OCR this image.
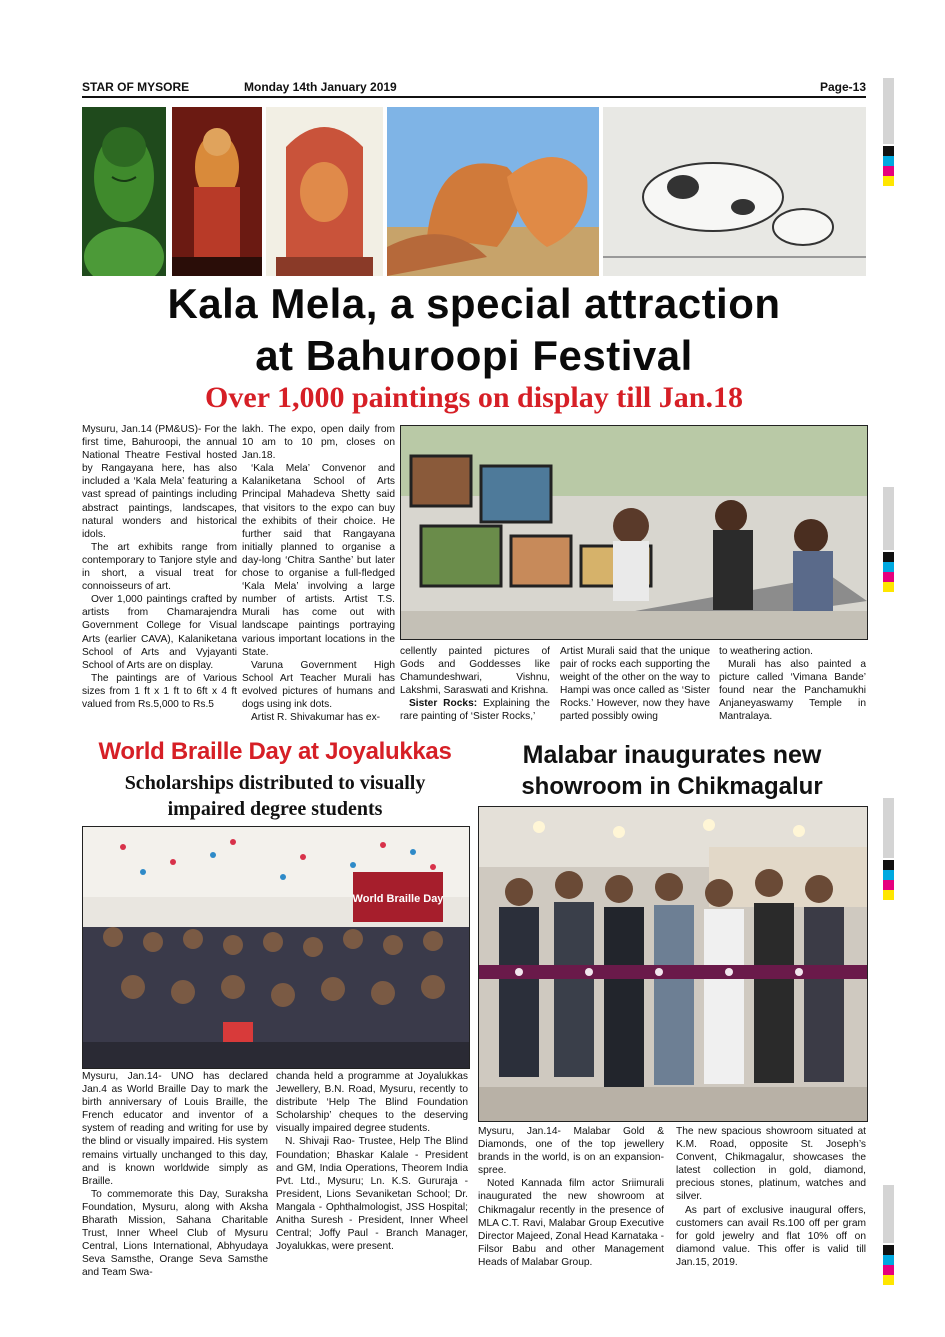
STAR OF MYSORE	Monday 14th January 2019	Page-13
Kala Mela, a special attraction
at Bahuroopi Festival
Over 1,000 paintings on display till Jan.18

Mysuru, Jan.14 (PM&US)- For the first time, Bahuroopi, the annual National Theatre Festival hosted by Rangayana here, has also included a ‘Kala Mela’ featuring a vast spread of paintings including abstract paintings, landscapes, natural wonders and historical idols.

The art exhibits range from contemporary to Tanjore style and in short, a visual treat for connoisseurs of art.

Over 1,000 paintings crafted by artists from Chamarajendra Government College for Visual Arts (earlier CAVA), Kalaniketana School of Arts and Vyjayanti School of Arts are on display.

The paintings are of Various sizes from 1 ft x 1 ft to 6ft x 4 ft valued from Rs.5,000 to Rs.5

lakh. The expo, open daily from 10 am to 10 pm, closes on Jan.18.

‘Kala Mela’ Convenor and Kalaniketana School of Arts Principal Mahadeva Shetty said that visitors to the expo can buy the exhibits of their choice. He further said that Rangayana initially planned to organise a day-long ‘Chitra Santhe’ but later chose to organise a full-fledged ‘Kala Mela’ involving a large number of artists. Artist T.S. Murali has come out with landscape paintings portraying various important locations in the State.

Varuna Government High School Art Teacher Murali has evolved pictures of humans and dogs using ink dots.

Artist R. Shivakumar has ex-

cellently painted pictures of Gods and Goddesses like Chamundeshwari, Vishnu, Lakshmi, Saraswati and Krishna.

Sister Rocks: Explaining the rare painting of ‘Sister Rocks,’

Artist Murali said that the unique pair of rocks each supporting the weight of the other on the way to Hampi was once called as ‘Sister Rocks.’ However, now they have parted possibly owing

to weathering action.

Murali has also painted a picture called ‘Vimana Bande’ found near the Panchamukhi Anjaneyaswamy Temple in Mantralaya.

World Braille Day at Joyalukkas
Scholarships distributed to visually
impaired degree students
World Braille Day

Mysuru, Jan.14- UNO has declared Jan.4 as World Braille Day to mark the birth anniversary of Louis Braille, the French educator and inventor of a system of reading and writing for use by the blind or visually impaired. His system remains virtually unchanged to this day, and is known worldwide simply as Braille.

To commemorate this Day, Suraksha Foundation, Mysuru, along with Aksha Bharath Mission, Sahana Charitable Trust, Inner Wheel Club of Mysuru Central, Lions International, Abhyudaya Seva Samsthe, Orange Seva Samsthe and Team Swa-

chanda held a programme at Joyalukkas Jewellery, B.N. Road, Mysuru, recently to distribute ‘Help The Blind Foundation Scholarship’ cheques to the deserving visually impaired degree students.

N. Shivaji Rao- Trustee, Help The Blind Foundation; Bhaskar Kalale - President and GM, India Operations, Theorem India Pvt. Ltd., Mysuru; Ln. K.S. Gururaja - President, Lions Sevaniketan School; Dr. Mangala - Ophthalmologist, JSS Hospital; Anitha Suresh - President, Inner Wheel Central; Joffy Paul - Branch Manager, Joyalukkas, were present.

Malabar inaugurates new
showroom in Chikmagalur

Mysuru, Jan.14- Malabar Gold & Diamonds, one of the top jewellery brands in the world, is on an expansion-spree.

Noted Kannada film actor Sriimurali inaugurated the new showroom at Chikmagalur recently in the presence of MLA C.T. Ravi, Malabar Group Executive Director Majeed, Zonal Head Karnataka - Filsor Babu and other Management Heads of Malabar Group.

The new spacious showroom situated at K.M. Road, opposite St. Joseph’s Convent, Chikmagalur, showcases the latest collection in gold, diamond, precious stones, platinum, watches and silver.

As part of exclusive inaugural offers, customers can avail Rs.100 off per gram for gold jewelry and flat 10% off on diamond value. This offer is valid till Jan.15, 2019.
